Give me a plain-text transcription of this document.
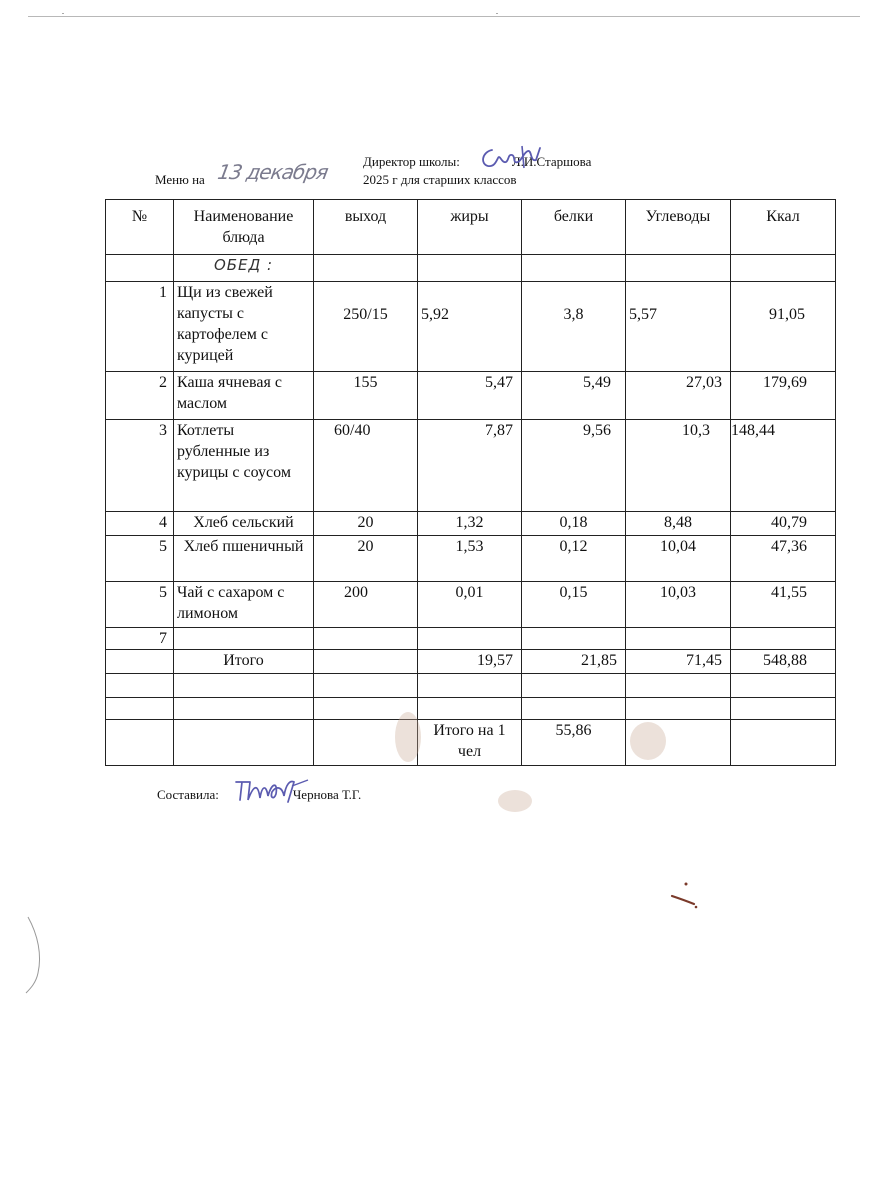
Директор школы:	Л.И.Старшова
Меню на 13 декабря	2025 г для старших классов
№	Наименование блюда	выход	жиры	белки	Углеводы	Ккал
	ОБЕД :					
1	Щи из свежей капусты с картофелем с курицей	250/15	5,92	3,8	5,57	91,05
2	Каша ячневая с маслом	155	5,47	5,49	27,03	179,69
3	Котлеты рубленные из курицы с соусом	60/40	7,87	9,56	10,3	148,44
4	Хлеб сельский	20	1,32	0,18	8,48	40,79
5	Хлеб пшеничный	20	1,53	0,12	10,04	47,36
5	Чай с сахаром с лимоном	200	0,01	0,15	10,03	41,55
7						
	Итого		19,57	21,85	71,45	548,88

			Итого на 1 чел	55,86		
Составила:	Чернова Т.Г.
